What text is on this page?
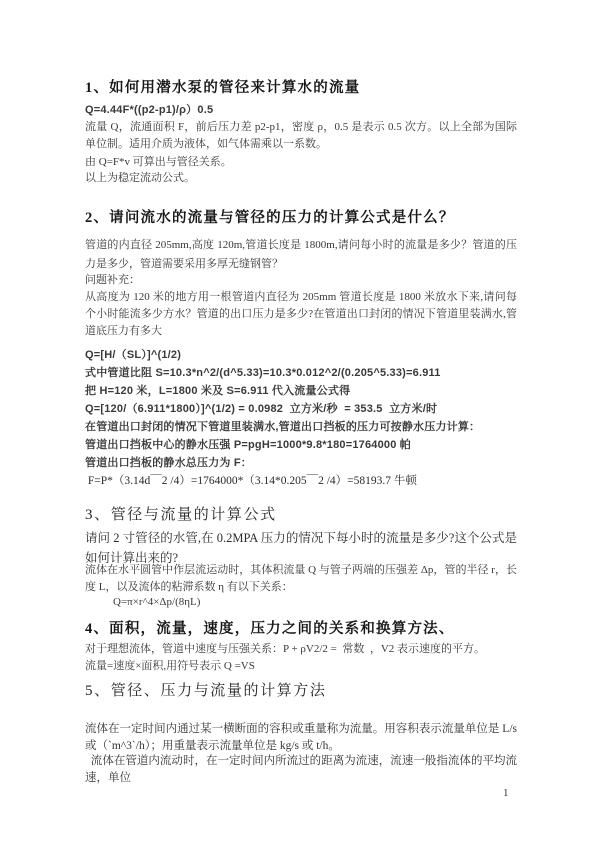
1、如何用潜水泵的管径来计算水的流量

Q=4.44F*((p2-p1)/ρ）0.5

流量 Q，流通面积 F，前后压力差 p2-p1，密度 ρ，0.5 是表示 0.5 次方。以上全部为国际单位制。适用介质为液体，如气体需乘以一系数。

由 Q=F*v 可算出与管径关系。

以上为稳定流动公式。

2、请问流水的流量与管径的压力的计算公式是什么？

管道的内直径 205mm,高度 120m,管道长度是 1800m,请问每小时的流量是多少？管道的压力是多少，管道需要采用多厚无缝钢管？

问题补充：

从高度为 120 米的地方用一根管道内直径为 205mm 管道长度是 1800 米放水下来,请问每个小时能流多少方水？管道的出口压力是多少?在管道出口封闭的情况下管道里装满水,管道底压力有多大

Q=[H/（SL）]^(1/2)

式中管道比阻 S=10.3*n^2/(d^5.33)=10.3*0.012^2/(0.205^5.33)=6.911

把 H=120 米，L=1800 米及 S=6.911 代入流量公式得

Q=[120/（6.911*1800）]^(1/2) = 0.0982  立方米/秒  = 353.5  立方米/时

在管道出口封闭的情况下管道里装满水,管道出口挡板的压力可按静水压力计算：

管道出口挡板中心的静水压强 P=pgH=1000*9.8*180=1764000 帕

管道出口挡板的静水总压力为 F：

F=P*（3.14d￣2 /4）=1764000*（3.14*0.205￣2 /4）=58193.7 牛顿

3、管径与流量的计算公式

请问 2 寸管径的水管,在 0.2MPA 压力的情况下每小时的流量是多少?这个公式是如何计算出来的?

流体在水平圆管中作层流运动时，其体积流量 Q 与管子两端的压强差 Δp，管的半径 r，长度 L，以及流体的粘滞系数 η 有以下关系：

Q=π×r^4×Δp/(8ηL)

4、面积，流量，速度，压力之间的关系和换算方法、

对于理想流体，管道中速度与压强关系：P + ρV2/2 =  常数  ，V2 表示速度的平方。

流量=速度×面积,用符号表示 Q =VS

5、管径、压力与流量的计算方法

流体在一定时间内通过某一横断面的容积或重量称为流量。用容积表示流量单位是 L/s 或（`m^3`/h）；用重量表示流量单位是 kg/s 或 t/h。

流体在管道内流动时，在一定时间内所流过的距离为流速，流速一般指流体的平均流速，单位

1
